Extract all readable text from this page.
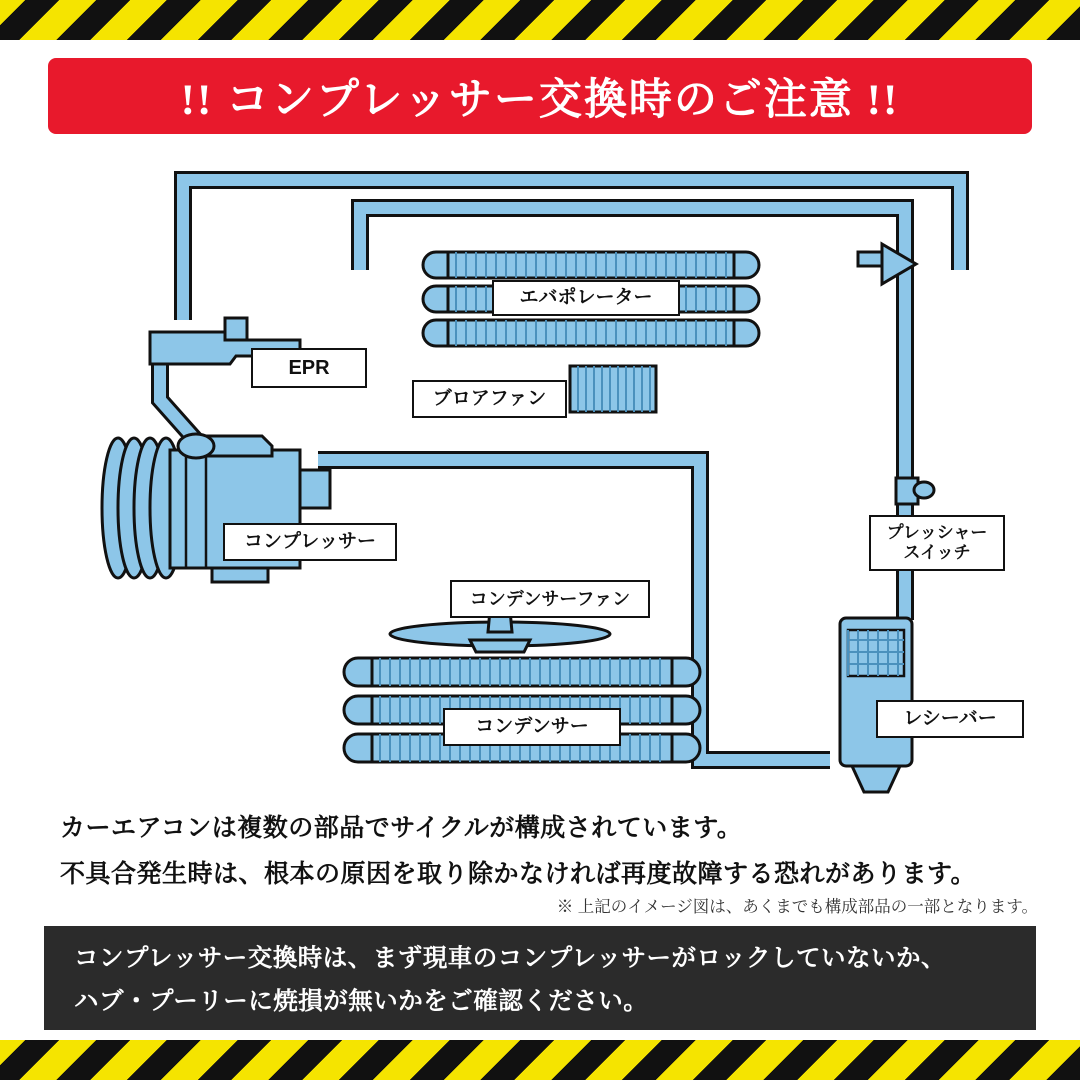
!! コンプレッサー交換時のご注意 !!
エバポレーター
EPR
ブロアファン
コンプレッサー
コンデンサーファン
プレッシャー
スイッチ
コンデンサー	レシーバー
カーエアコンは複数の部品でサイクルが構成されています。
不具合発生時は、根本の原因を取り除かなければ再度故障する恐れがあります。
※ 上記のイメージ図は、あくまでも構成部品の一部となります。
コンプレッサー交換時は、まず現車のコンプレッサーがロックしていないか、
ハブ・プーリーに焼損が無いかをご確認ください。
